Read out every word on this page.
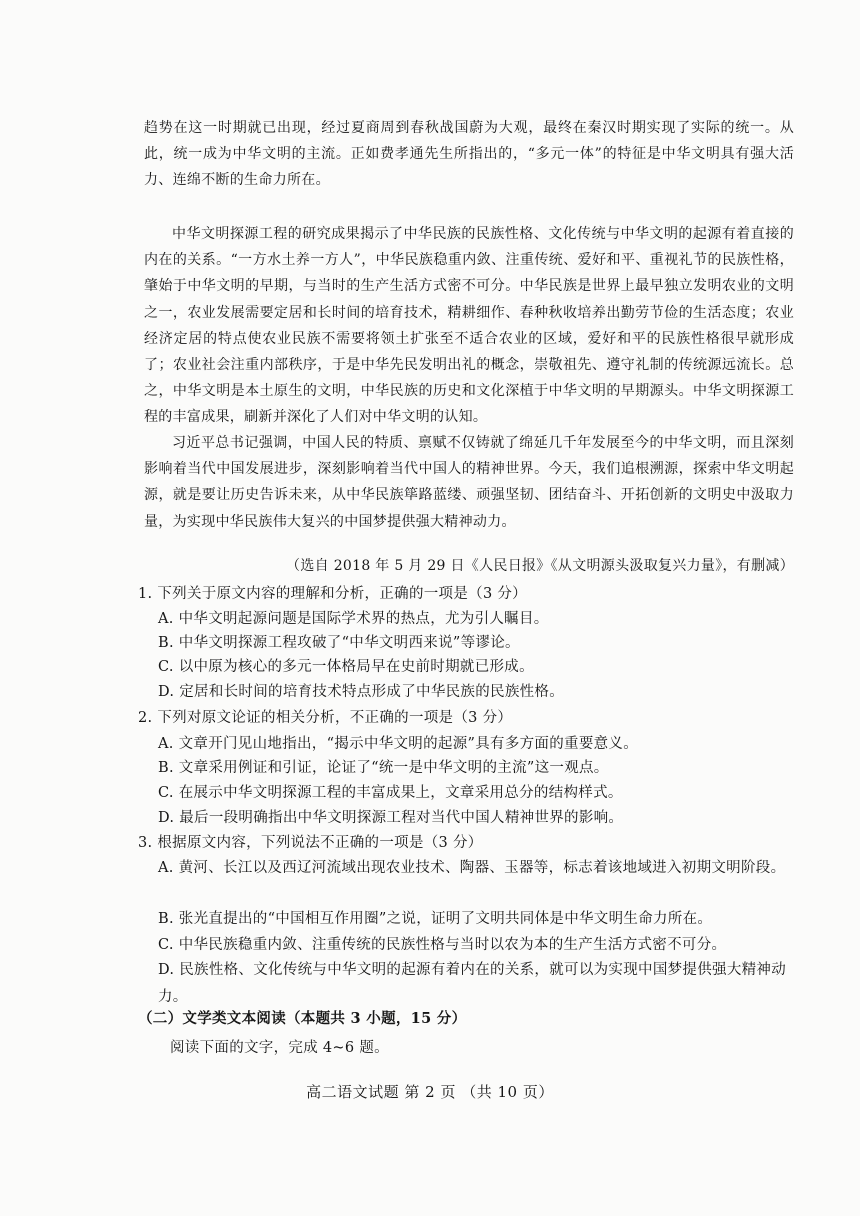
趋势在这一时期就已出现，经过夏商周到春秋战国蔚为大观，最终在秦汉时期实现了实际的统一。从此，统一成为中华文明的主流。正如费孝通先生所指出的，“多元一体”的特征是中华文明具有强大活力、连绵不断的生命力所在。

中华文明探源工程的研究成果揭示了中华民族的民族性格、文化传统与中华文明的起源有着直接的内在的关系。“一方水土养一方人”，中华民族稳重内敛、注重传统、爱好和平、重视礼节的民族性格，肇始于中华文明的早期，与当时的生产生活方式密不可分。中华民族是世界上最早独立发明农业的文明之一，农业发展需要定居和长时间的培育技术，精耕细作、春种秋收培养出勤劳节俭的生活态度；农业经济定居的特点使农业民族不需要将领土扩张至不适合农业的区域，爱好和平的民族性格很早就形成了；农业社会注重内部秩序，于是中华先民发明出礼的概念，崇敬祖先、遵守礼制的传统源远流长。总之，中华文明是本土原生的文明，中华民族的历史和文化深植于中华文明的早期源头。中华文明探源工程的丰富成果，刷新并深化了人们对中华文明的认知。

习近平总书记强调，中国人民的特质、禀赋不仅铸就了绵延几千年发展至今的中华文明，而且深刻影响着当代中国发展进步，深刻影响着当代中国人的精神世界。今天，我们追根溯源，探索中华文明起源，就是要让历史告诉未来，从中华民族筚路蓝缕、顽强坚韧、团结奋斗、开拓创新的文明史中汲取力量，为实现中华民族伟大复兴的中国梦提供强大精神动力。

（选自 2018 年 5 月 29 日《人民日报》《从文明源头汲取复兴力量》，有删减）
1. 下列关于原文内容的理解和分析，正确的一项是（3 分）
A. 中华文明起源问题是国际学术界的热点，尤为引人瞩目。
B. 中华文明探源工程攻破了“中华文明西来说”等谬论。
C. 以中原为核心的多元一体格局早在史前时期就已形成。
D. 定居和长时间的培育技术特点形成了中华民族的民族性格。
2. 下列对原文论证的相关分析，不正确的一项是（3 分）
A. 文章开门见山地指出，“揭示中华文明的起源”具有多方面的重要意义。
B. 文章采用例证和引证，论证了“统一是中华文明的主流”这一观点。
C. 在展示中华文明探源工程的丰富成果上，文章采用总分的结构样式。
D. 最后一段明确指出中华文明探源工程对当代中国人精神世界的影响。
3. 根据原文内容，下列说法不正确的一项是（3 分）
A. 黄河、长江以及西辽河流域出现农业技术、陶器、玉器等，标志着该地域进入初期文明阶段。
B. 张光直提出的“中国相互作用圈”之说，证明了文明共同体是中华文明生命力所在。
C. 中华民族稳重内敛、注重传统的民族性格与当时以农为本的生产生活方式密不可分。
D. 民族性格、文化传统与中华文明的起源有着内在的关系，就可以为实现中国梦提供强大精神动力。
（二）文学类文本阅读（本题共 3 小题，15 分）
阅读下面的文字，完成 4~6 题。
高二语文试题 第 2 页 （共 10 页）
